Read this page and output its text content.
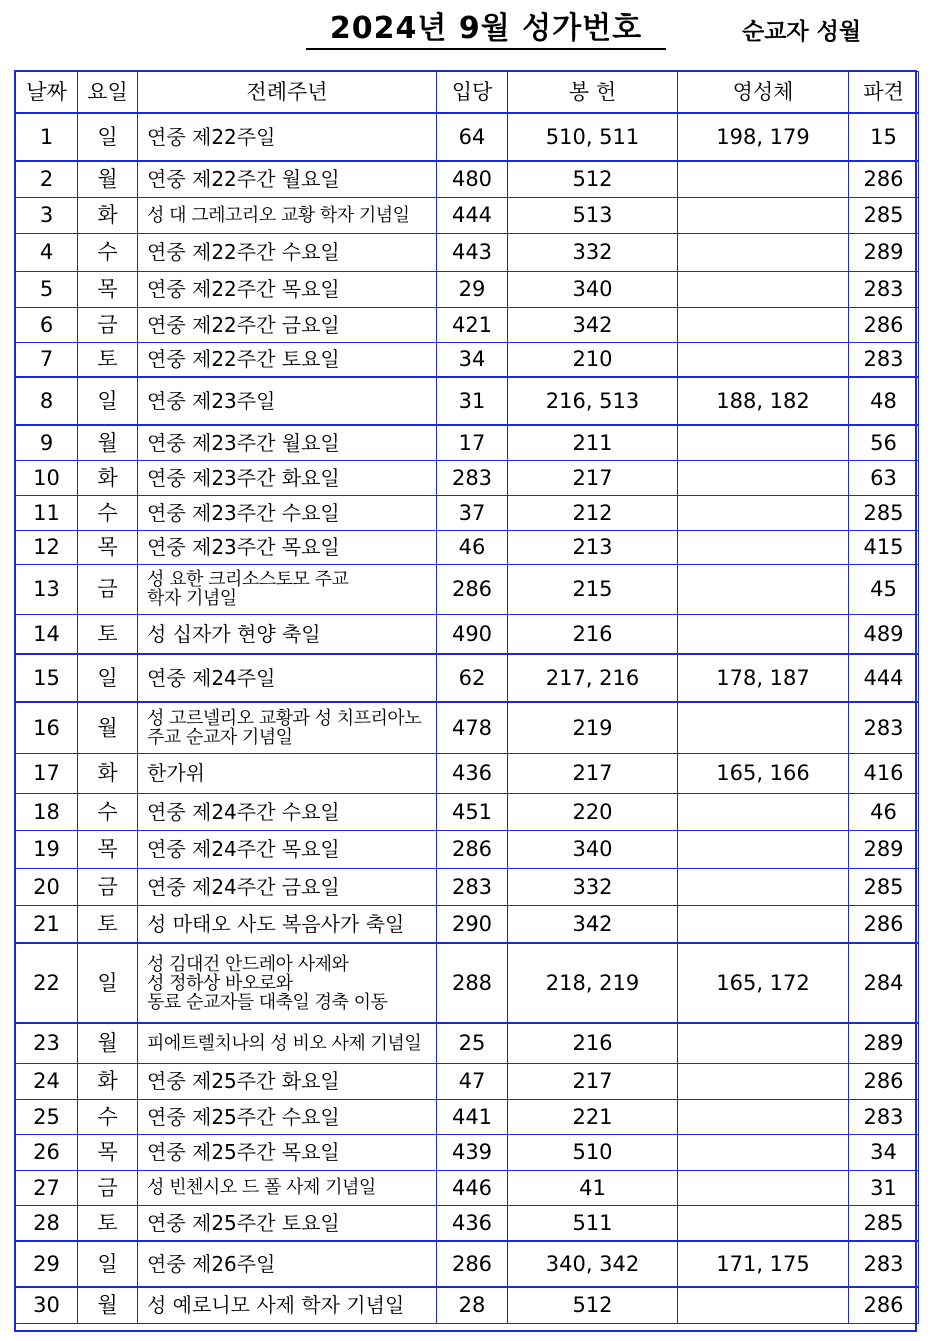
2024년 9월 성가번호	순교자 성월
날짜	요일	전례주년	입당	봉 헌	영성체	파견
1	일	연중 제22주일	64	510, 511	198, 179	15
2	월	연중 제22주간 월요일	480	512		286
3	화	성 대 그레고리오 교황 학자 기념일	444	513		285
4	수	연중 제22주간 수요일	443	332		289
5	목	연중 제22주간 목요일	29	340		283
6	금	연중 제22주간 금요일	421	342		286
7	토	연중 제22주간 토요일	34	210		283
8	일	연중 제23주일	31	216, 513	188, 182	48
9	월	연중 제23주간 월요일	17	211		56
10	화	연중 제23주간 화요일	283	217		63
11	수	연중 제23주간 수요일	37	212		285
12	목	연중 제23주간 목요일	46	213		415
13	금	성 요한 크리소스토모 주교
학자 기념일	286	215		45
14	토	성 십자가 현양 축일	490	216		489
15	일	연중 제24주일	62	217, 216	178, 187	444
16	월	성 고르넬리오 교황과 성 치프리아노
주교 순교자 기념일	478	219		283
17	화	한가위	436	217	165, 166	416
18	수	연중 제24주간 수요일	451	220		46
19	목	연중 제24주간 목요일	286	340		289
20	금	연중 제24주간 금요일	283	332		285
21	토	성 마태오 사도 복음사가 축일	290	342		286
22	일	성 김대건 안드레아 사제와
성 정하상 바오로와
동료 순교자들 대축일 경축 이동	288	218, 219	165, 172	284
23	월	피에트렐치나의 성 비오 사제 기념일	25	216		289
24	화	연중 제25주간 화요일	47	217		286
25	수	연중 제25주간 수요일	441	221		283
26	목	연중 제25주간 목요일	439	510		34
27	금	성 빈첸시오 드 폴 사제 기념일	446	41		31
28	토	연중 제25주간 토요일	436	511		285
29	일	연중 제26주일	286	340, 342	171, 175	283
30	월	성 예로니모 사제 학자 기념일	28	512		286
